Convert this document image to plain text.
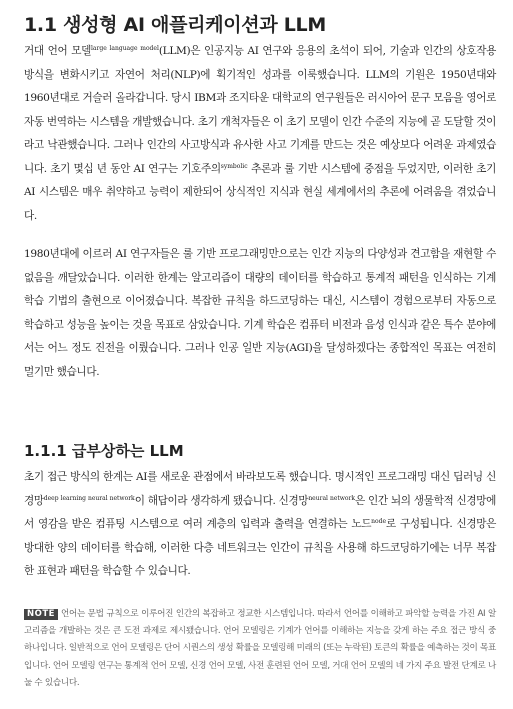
1.1 생성형 AI 애플리케이션과 LLM

거대 언어 모델$^{large language model}$(LLM)은 인공지능 AI 연구와 응용의 초석이 되어, 기술과 인간의 상호작용 방식을 변화시키고 자연어 처리(NLP)에 획기적인 성과를 이룩했습니다. LLM의 기원은 1950년대와 1960년대로 거슬러 올라갑니다. 당시 IBM과 조지타운 대학교의 연구원들은 러시아어 문구 모음을 영어로 자동 번역하는 시스템을 개발했습니다. 초기 개척자들은 이 초기 모델이 인간 수준의 지능에 곧 도달할 것이라고 낙관했습니다. 그러나 인간의 사고방식과 유사한 사고 기계를 만드는 것은 예상보다 어려운 과제였습니다. 초기 몇십 년 동안 AI 연구는 기호주의$^{symbolic}$ 추론과 룰 기반 시스템에 중점을 두었지만, 이러한 초기 AI 시스템은 매우 취약하고 능력이 제한되어 상식적인 지식과 현실 세계에서의 추론에 어려움을 겪었습니다.

1980년대에 이르러 AI 연구자들은 룰 기반 프로그래밍만으로는 인간 지능의 다양성과 견고함을 재현할 수 없음을 깨달았습니다. 이러한 한계는 알고리즘이 대량의 데이터를 학습하고 통계적 패턴을 인식하는 기계 학습 기법의 출현으로 이어졌습니다. 복잡한 규칙을 하드코딩하는 대신, 시스템이 경험으로부터 자동으로 학습하고 성능을 높이는 것을 목표로 삼았습니다. 기계 학습은 컴퓨터 비전과 음성 인식과 같은 특수 분야에서는 어느 정도 진전을 이뤘습니다. 그러나 인공 일반 지능(AGI)을 달성하겠다는 종합적인 목표는 여전히 멀기만 했습니다.

1.1.1 급부상하는 LLM

초기 접근 방식의 한계는 AI를 새로운 관점에서 바라보도록 했습니다. 명시적인 프로그래밍 대신 딥러닝 신경망$^{deep learning neural network}$이 해답이라 생각하게 됐습니다. 신경망$^{neural network}$은 인간 뇌의 생물학적 신경망에서 영감을 받은 컴퓨팅 시스템으로 여러 계층의 입력과 출력을 연결하는 노드$^{node}$로 구성됩니다. 신경망은 방대한 양의 데이터를 학습해, 이러한 다층 네트워크는 인간이 규칙을 사용해 하드코딩하기에는 너무 복잡한 표현과 패턴을 학습할 수 있습니다.

NOTE 언어는 문법 규칙으로 이루어진 인간의 복잡하고 정교한 시스템입니다. 따라서 언어를 이해하고 파악할 능력을 가진 AI 알고리즘을 개발하는 것은 큰 도전 과제로 제시됐습니다. 언어 모델링은 기계가 언어를 이해하는 지능을 갖게 하는 주요 접근 방식 중 하나입니다. 일반적으로 언어 모델링은 단어 시퀀스의 생성 확률을 모델링해 미래의 (또는 누락된) 토큰의 확률을 예측하는 것이 목표입니다. 언어 모델링 연구는 통계적 언어 모델, 신경 언어 모델, 사전 훈련된 언어 모델, 거대 언어 모델의 네 가지 주요 발전 단계로 나눌 수 있습니다.
